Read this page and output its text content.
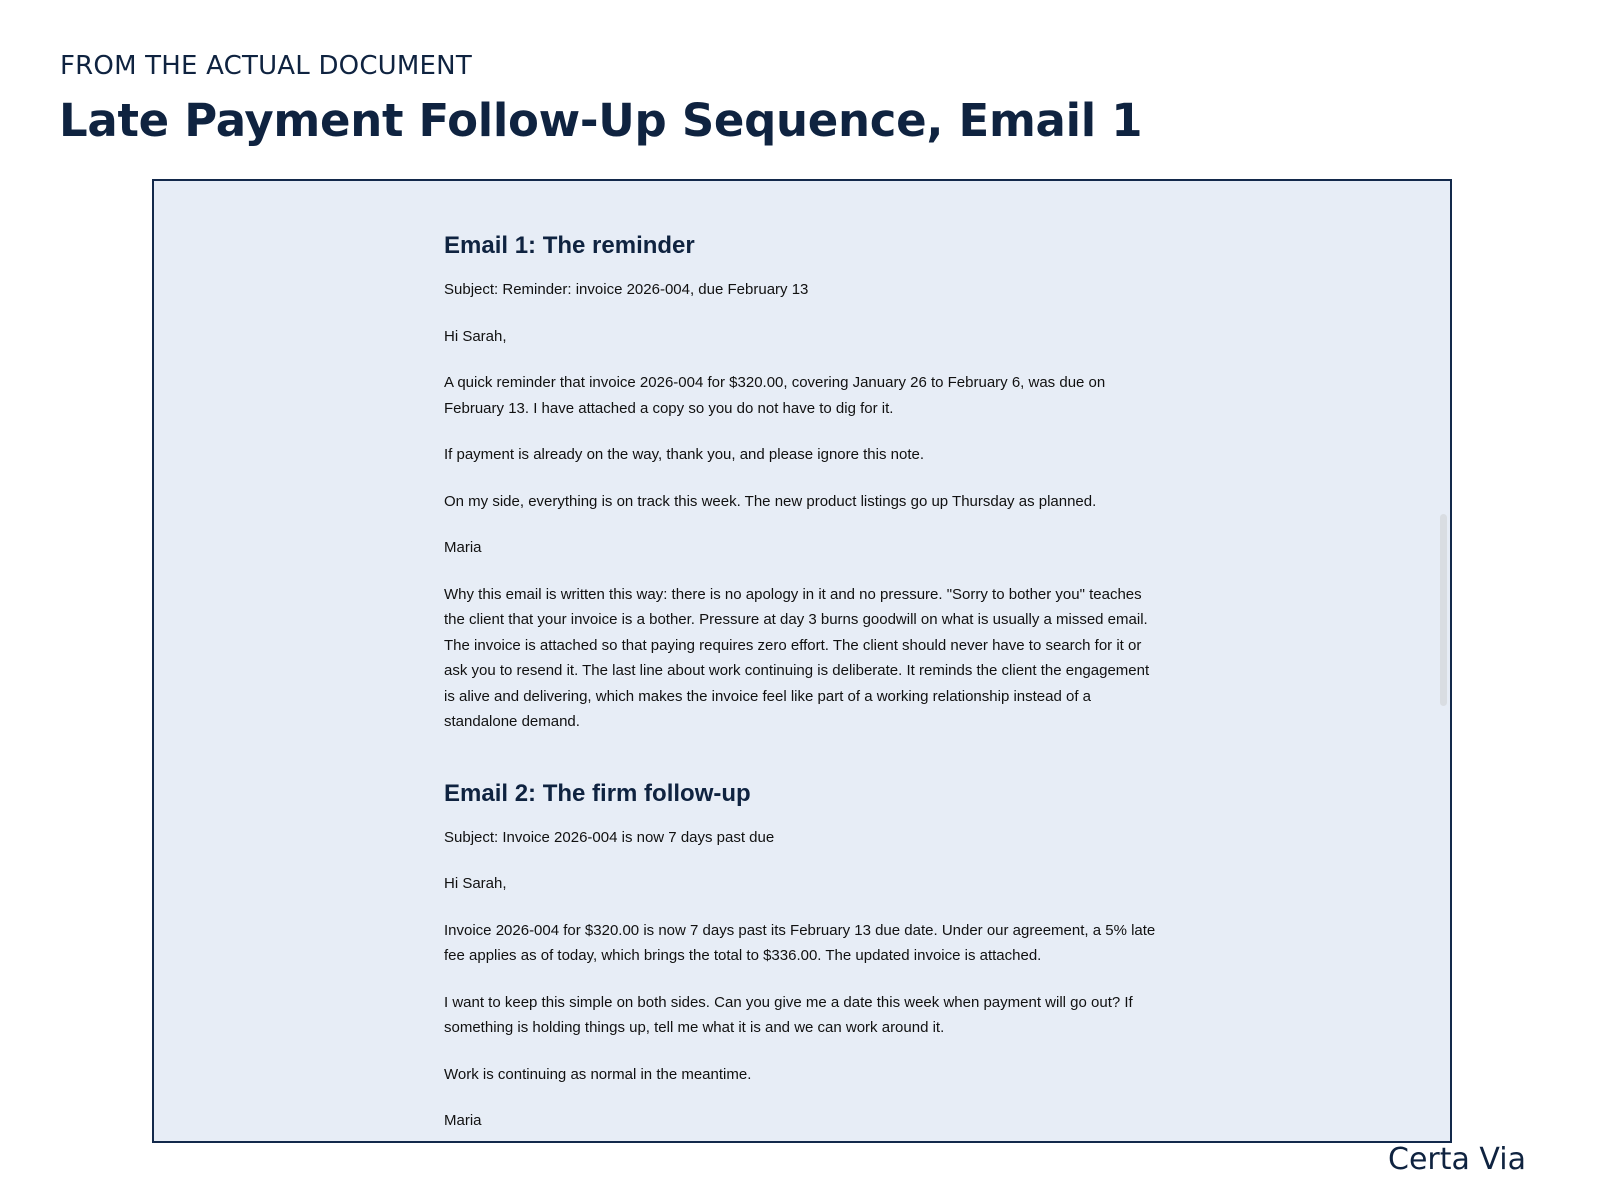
FROM THE ACTUAL DOCUMENT
Late Payment Follow-Up Sequence, Email 1
Email 1: The reminder

Subject: Reminder: invoice 2026-004, due February 13

Hi Sarah,

A quick reminder that invoice 2026-004 for $320.00, covering January 26 to February 6, was due on February 13. I have attached a copy so you do not have to dig for it.

If payment is already on the way, thank you, and please ignore this note.

On my side, everything is on track this week. The new product listings go up Thursday as planned.

Maria

Why this email is written this way: there is no apology in it and no pressure. "Sorry to bother you" teaches the client that your invoice is a bother. Pressure at day 3 burns goodwill on what is usually a missed email. The invoice is attached so that paying requires zero effort. The client should never have to search for it or ask you to resend it. The last line about work continuing is deliberate. It reminds the client the engagement is alive and delivering, which makes the invoice feel like part of a working relationship instead of a standalone demand.

Email 2: The firm follow-up

Subject: Invoice 2026-004 is now 7 days past due

Hi Sarah,

Invoice 2026-004 for $320.00 is now 7 days past its February 13 due date. Under our agreement, a 5% late fee applies as of today, which brings the total to $336.00. The updated invoice is attached.

I want to keep this simple on both sides. Can you give me a date this week when payment will go out? If something is holding things up, tell me what it is and we can work around it.

Work is continuing as normal in the meantime.

Maria

Certa Via
